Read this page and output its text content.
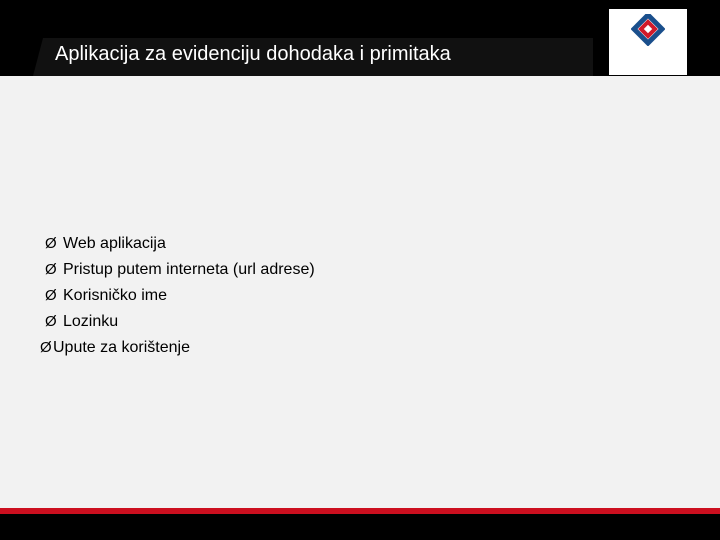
Aplikacija za evidenciju dohodaka i primitaka
Ø Web aplikacija
Ø Pristup putem interneta (url adrese)
Ø Korisničko ime
Ø Lozinku
ØUpute za korištenje
